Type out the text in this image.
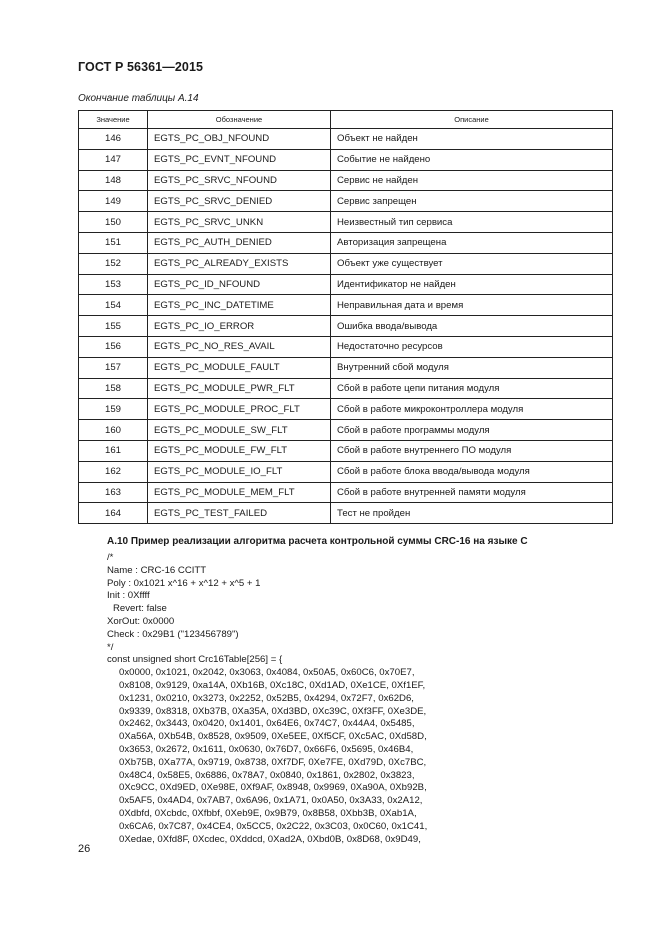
ГОСТ Р 56361—2015
Окончание таблицы А.14
Значение	Обозначение	Описание
146	EGTS_PC_OBJ_NFOUND	Объект не найден
147	EGTS_PC_EVNT_NFOUND	Событие не найдено
148	EGTS_PC_SRVC_NFOUND	Сервис не найден
149	EGTS_PC_SRVC_DENIED	Сервис запрещен
150	EGTS_PC_SRVC_UNKN	Неизвестный тип сервиса
151	EGTS_PC_AUTH_DENIED	Авторизация запрещена
152	EGTS_PC_ALREADY_EXISTS	Объект уже существует
153	EGTS_PC_ID_NFOUND	Идентификатор не найден
154	EGTS_PC_INC_DATETIME	Неправильная дата и время
155	EGTS_PC_IO_ERROR	Ошибка ввода/вывода
156	EGTS_PC_NO_RES_AVAIL	Недостаточно ресурсов
157	EGTS_PC_MODULE_FAULT	Внутренний сбой модуля
158	EGTS_PC_MODULE_PWR_FLT	Сбой в работе цепи питания модуля
159	EGTS_PC_MODULE_PROC_FLT	Сбой в работе микроконтроллера модуля
160	EGTS_PC_MODULE_SW_FLT	Сбой в работе программы модуля
161	EGTS_PC_MODULE_FW_FLT	Сбой в работе внутреннего ПО модуля
162	EGTS_PC_MODULE_IO_FLT	Сбой в работе блока ввода/вывода модуля
163	EGTS_PC_MODULE_MEM_FLT	Сбой в работе внутренней памяти модуля
164	EGTS_PC_TEST_FAILED	Тест не пройден
А.10 Пример реализации алгоритма расчета контрольной суммы CRC-16 на языке С
/*
Name : CRC-16 CCITT
Poly : 0x1021 x^16 + x^12 + x^5 + 1
Init : 0Xffff
Revert: false
XorOut: 0x0000
Check : 0x29B1 ("123456789")
*/
const unsigned short Crc16Table[256] = {
0x0000, 0x1021, 0x2042, 0x3063, 0x4084, 0x50A5, 0x60C6, 0x70E7,
0x8108, 0x9129, 0xa14A, 0Xb16B, 0Xc18C, 0Xd1AD, 0Xe1CE, 0Xf1EF,
0x1231, 0x0210, 0x3273, 0x2252, 0x52B5, 0x4294, 0x72F7, 0x62D6,
0x9339, 0x8318, 0Xb37B, 0Xa35A, 0Xd3BD, 0Xc39C, 0Xf3FF, 0Xe3DE,
0x2462, 0x3443, 0x0420, 0x1401, 0x64E6, 0x74C7, 0x44A4, 0x5485,
0Xa56A, 0Xb54B, 0x8528, 0x9509, 0Xe5EE, 0Xf5CF, 0Xc5AC, 0Xd58D,
0x3653, 0x2672, 0x1611, 0x0630, 0x76D7, 0x66F6, 0x5695, 0x46B4,
0Xb75B, 0Xa77A, 0x9719, 0x8738, 0Xf7DF, 0Xe7FE, 0Xd79D, 0Xc7BC,
0x48C4, 0x58E5, 0x6886, 0x78A7, 0x0840, 0x1861, 0x2802, 0x3823,
0Xc9CC, 0Xd9ED, 0Xe98E, 0Xf9AF, 0x8948, 0x9969, 0Xa90A, 0Xb92B,
0x5AF5, 0x4AD4, 0x7AB7, 0x6A96, 0x1A71, 0x0A50, 0x3A33, 0x2A12,
0Xdbfd, 0Xcbdc, 0Xfbbf, 0Xeb9E, 0x9B79, 0x8B58, 0Xbb3B, 0Xab1A,
0x6CA6, 0x7C87, 0x4CE4, 0x5CC5, 0x2C22, 0x3C03, 0x0C60, 0x1C41,
0Xedae, 0Xfd8F, 0Xcdec, 0Xddcd, 0Xad2A, 0Xbd0B, 0x8D68, 0x9D49,
26
